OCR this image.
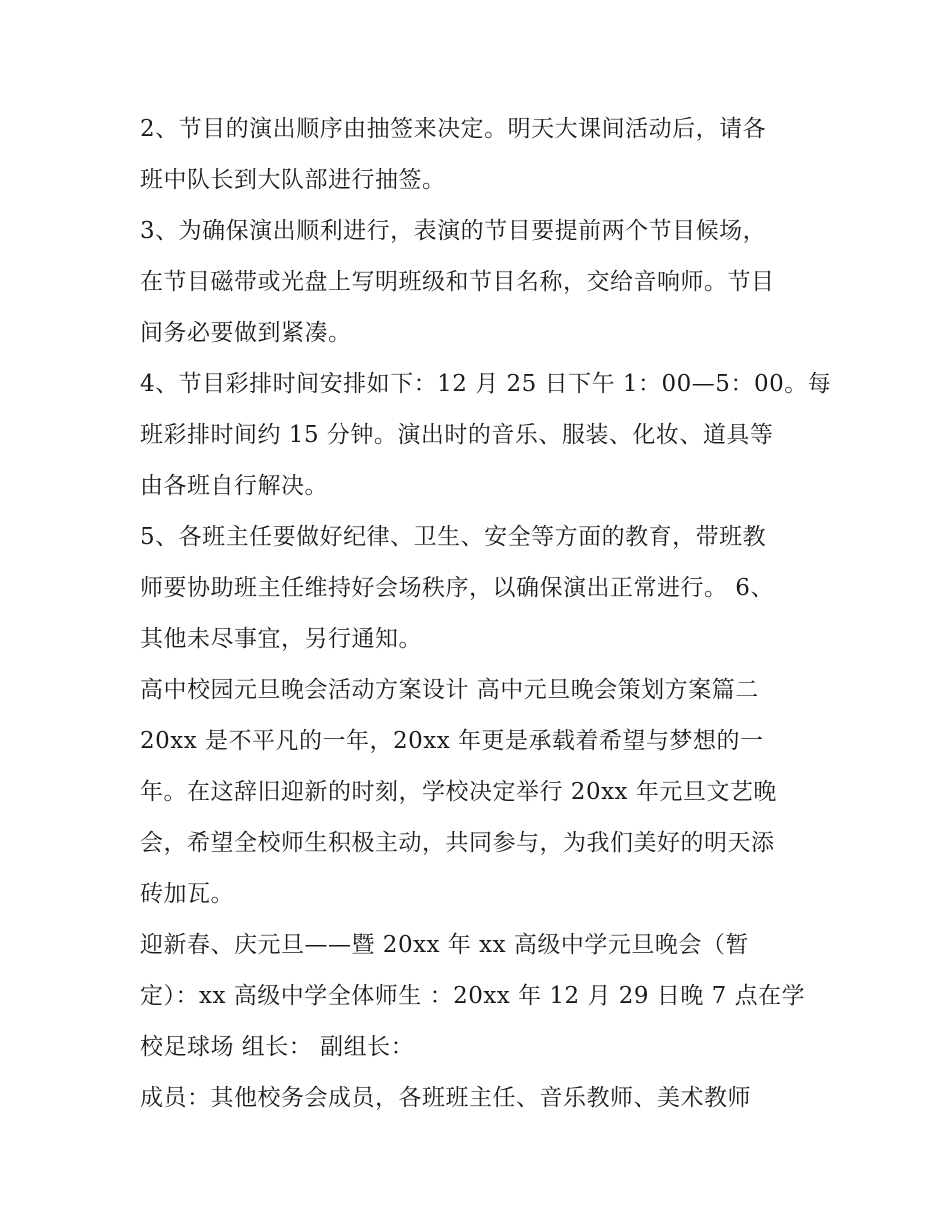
2、节目的演出顺序由抽签来决定。明天大课间活动后，请各
班中队长到大队部进行抽签。
3、为确保演出顺利进行，表演的节目要提前两个节目候场，
在节目磁带或光盘上写明班级和节目名称，交给音响师。节目
间务必要做到紧凑。
4、节目彩排时间安排如下：12 月 25 日下午 1：00—5：00。每
班彩排时间约 15 分钟。演出时的音乐、服装、化妆、道具等
由各班自行解决。
5、各班主任要做好纪律、卫生、安全等方面的教育，带班教
师要协助班主任维持好会场秩序，以确保演出正常进行。 6、
其他未尽事宜，另行通知。
高中校园元旦晚会活动方案设计 高中元旦晚会策划方案篇二
20xx 是不平凡的一年，20xx 年更是承载着希望与梦想的一
年。在这辞旧迎新的时刻，学校决定举行 20xx 年元旦文艺晚
会，希望全校师生积极主动，共同参与，为我们美好的明天添
砖加瓦。
迎新春、庆元旦——暨 20xx 年 xx 高级中学元旦晚会（暂
定）：xx 高级中学全体师生 ：20xx 年 12 月 29 日晚 7 点在学
校足球场 组长： 副组长：
成员：其他校务会成员，各班班主任、音乐教师、美术教师
